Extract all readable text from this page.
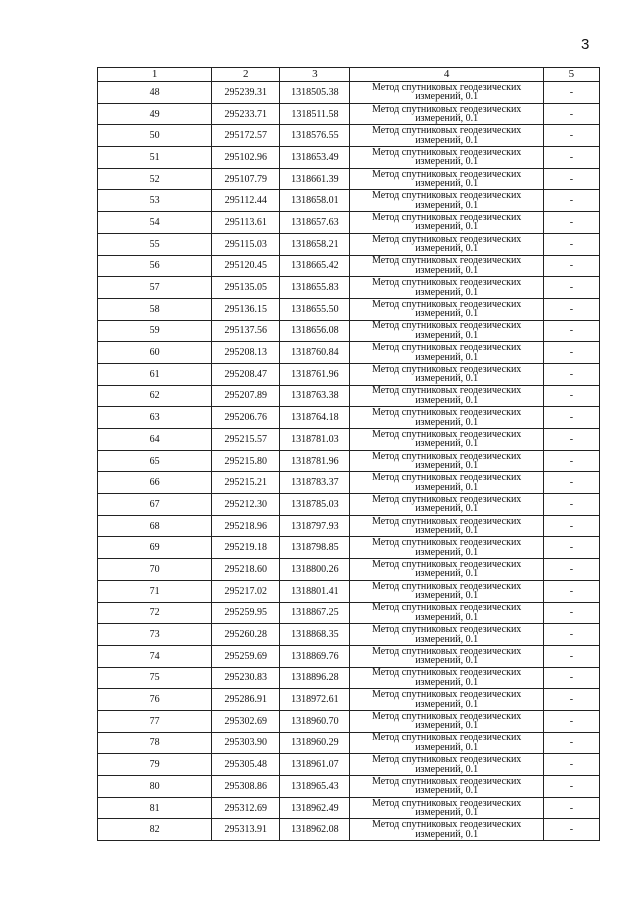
3
1	2	3	4	5
48	295239.31	1318505.38	Метод спутниковых геодезических
измерений, 0.1	-
49	295233.71	1318511.58	Метод спутниковых геодезических
измерений, 0.1	-
50	295172.57	1318576.55	Метод спутниковых геодезических
измерений, 0.1	-
51	295102.96	1318653.49	Метод спутниковых геодезических
измерений, 0.1	-
52	295107.79	1318661.39	Метод спутниковых геодезических
измерений, 0.1	-
53	295112.44	1318658.01	Метод спутниковых геодезических
измерений, 0.1	-
54	295113.61	1318657.63	Метод спутниковых геодезических
измерений, 0.1	-
55	295115.03	1318658.21	Метод спутниковых геодезических
измерений, 0.1	-
56	295120.45	1318665.42	Метод спутниковых геодезических
измерений, 0.1	-
57	295135.05	1318655.83	Метод спутниковых геодезических
измерений, 0.1	-
58	295136.15	1318655.50	Метод спутниковых геодезических
измерений, 0.1	-
59	295137.56	1318656.08	Метод спутниковых геодезических
измерений, 0.1	-
60	295208.13	1318760.84	Метод спутниковых геодезических
измерений, 0.1	-
61	295208.47	1318761.96	Метод спутниковых геодезических
измерений, 0.1	-
62	295207.89	1318763.38	Метод спутниковых геодезических
измерений, 0.1	-
63	295206.76	1318764.18	Метод спутниковых геодезических
измерений, 0.1	-
64	295215.57	1318781.03	Метод спутниковых геодезических
измерений, 0.1	-
65	295215.80	1318781.96	Метод спутниковых геодезических
измерений, 0.1	-
66	295215.21	1318783.37	Метод спутниковых геодезических
измерений, 0.1	-
67	295212.30	1318785.03	Метод спутниковых геодезических
измерений, 0.1	-
68	295218.96	1318797.93	Метод спутниковых геодезических
измерений, 0.1	-
69	295219.18	1318798.85	Метод спутниковых геодезических
измерений, 0.1	-
70	295218.60	1318800.26	Метод спутниковых геодезических
измерений, 0.1	-
71	295217.02	1318801.41	Метод спутниковых геодезических
измерений, 0.1	-
72	295259.95	1318867.25	Метод спутниковых геодезических
измерений, 0.1	-
73	295260.28	1318868.35	Метод спутниковых геодезических
измерений, 0.1	-
74	295259.69	1318869.76	Метод спутниковых геодезических
измерений, 0.1	-
75	295230.83	1318896.28	Метод спутниковых геодезических
измерений, 0.1	-
76	295286.91	1318972.61	Метод спутниковых геодезических
измерений, 0.1	-
77	295302.69	1318960.70	Метод спутниковых геодезических
измерений, 0.1	-
78	295303.90	1318960.29	Метод спутниковых геодезических
измерений, 0.1	-
79	295305.48	1318961.07	Метод спутниковых геодезических
измерений, 0.1	-
80	295308.86	1318965.43	Метод спутниковых геодезических
измерений, 0.1	-
81	295312.69	1318962.49	Метод спутниковых геодезических
измерений, 0.1	-
82	295313.91	1318962.08	Метод спутниковых геодезических
измерений, 0.1	-
